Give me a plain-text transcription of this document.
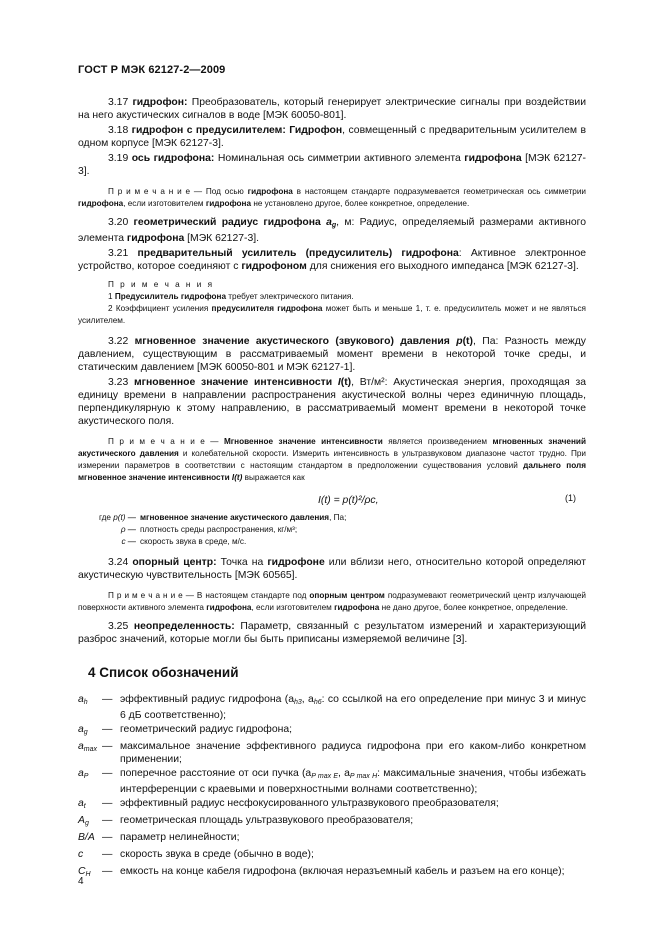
ГОСТ Р МЭК 62127-2—2009

3.17 гидрофон: Преобразователь, который генерирует электрические сигналы при воздействии на него акустических сигналов в воде [МЭК 60050-801].

3.18 гидрофон с предусилителем: Гидрофон, совмещенный с предварительным усилителем в одном корпусе [МЭК 62127-3].

3.19 ось гидрофона: Номинальная ось симметрии активного элемента гидрофона [МЭК 62127-3].

П р и м е ч а н и е — Под осью гидрофона в настоящем стандарте подразумевается геометрическая ось симметрии гидрофона, если изготовителем гидрофона не установлено другое, более конкретное, определение.

3.20 геометрический радиус гидрофона $a_g$, м: Радиус, определяемый размерами активного элемента гидрофона [МЭК 62127-3].

3.21 предварительный усилитель (предусилитель) гидрофона: Активное электронное устройство, которое соединяют с гидрофоном для снижения его выходного импеданса [МЭК 62127-3].

П р и м е ч а н и я

1 Предусилитель гидрофона требует электрического питания.

2 Коэффициент усиления предусилителя гидрофона может быть и меньше 1, т. е. предусилитель может и не являться усилителем.

3.22 мгновенное значение акустического (звукового) давления p(t), Па: Разность между давлением, существующим в рассматриваемый момент времени в некоторой точке среды, и статическим давлением [МЭК 60050-801 и МЭК 62127-1].

3.23 мгновенное значение интенсивности I(t), Вт/м²: Акустическая энергия, проходящая за единицу времени в направлении распространения акустической волны через единичную площадь, перпендикулярную к этому направлению, в рассматриваемый момент времени в некоторой точке акустического поля.

П р и м е ч а н и е — Мгновенное значение интенсивности является произведением мгновенных значений акустического давления и колебательной скорости. Измерить интенсивность в ультразвуковом диапазоне частот трудно. При измерении параметров в соответствии с настоящим стандартом в предположении существования условий дальнего поля мгновенное значение интенсивности I(t) выражается как

I(t) = p(t)²/ρc,	(1)
где p(t) — мгновенное значение акустического давления, Па;
ρ — плотность среды распространения, кг/м³;
c — скорость звука в среде, м/с.

3.24 опорный центр: Точка на гидрофоне или вблизи него, относительно которой определяют акустическую чувствительность [МЭК 60565].

П р и м е ч а н и е — В настоящем стандарте под опорным центром подразумевают геометрический центр излучающей поверхности активного элемента гидрофона, если изготовителем гидрофона не дано другое, более конкретное, определение.

3.25 неопределенность: Параметр, связанный с результатом измерений и характеризующий разброс значений, которые могли бы быть приписаны измеряемой величине [3].

4 Список обозначений
$a_h$	— эффективный радиус гидрофона ($a_{h3}$, $a_{h6}$: со ссылкой на его определение при минус 3 и минус 6 дБ соответственно);
$a_g$	— геометрический радиус гидрофона;
$a_{max}$ — максимальное значение эффективного радиуса гидрофона при его каком-либо конкретном применении;
$a_P$	— поперечное расстояние от оси пучка ($a_{P max E}$, $a_{P max H}$: максимальные значения, чтобы избежать интерференции с краевыми и поверхностными волнами соответственно);
$a_t$	— эффективный радиус несфокусированного ультразвукового преобразователя;
$A_g$	— геометрическая площадь ультразвукового преобразователя;
B/A — параметр нелинейности;
c	— скорость звука в среде (обычно в воде);
$C_H$	— емкость на конце кабеля гидрофона (включая неразъемный кабель и разъем на его конце);
4
